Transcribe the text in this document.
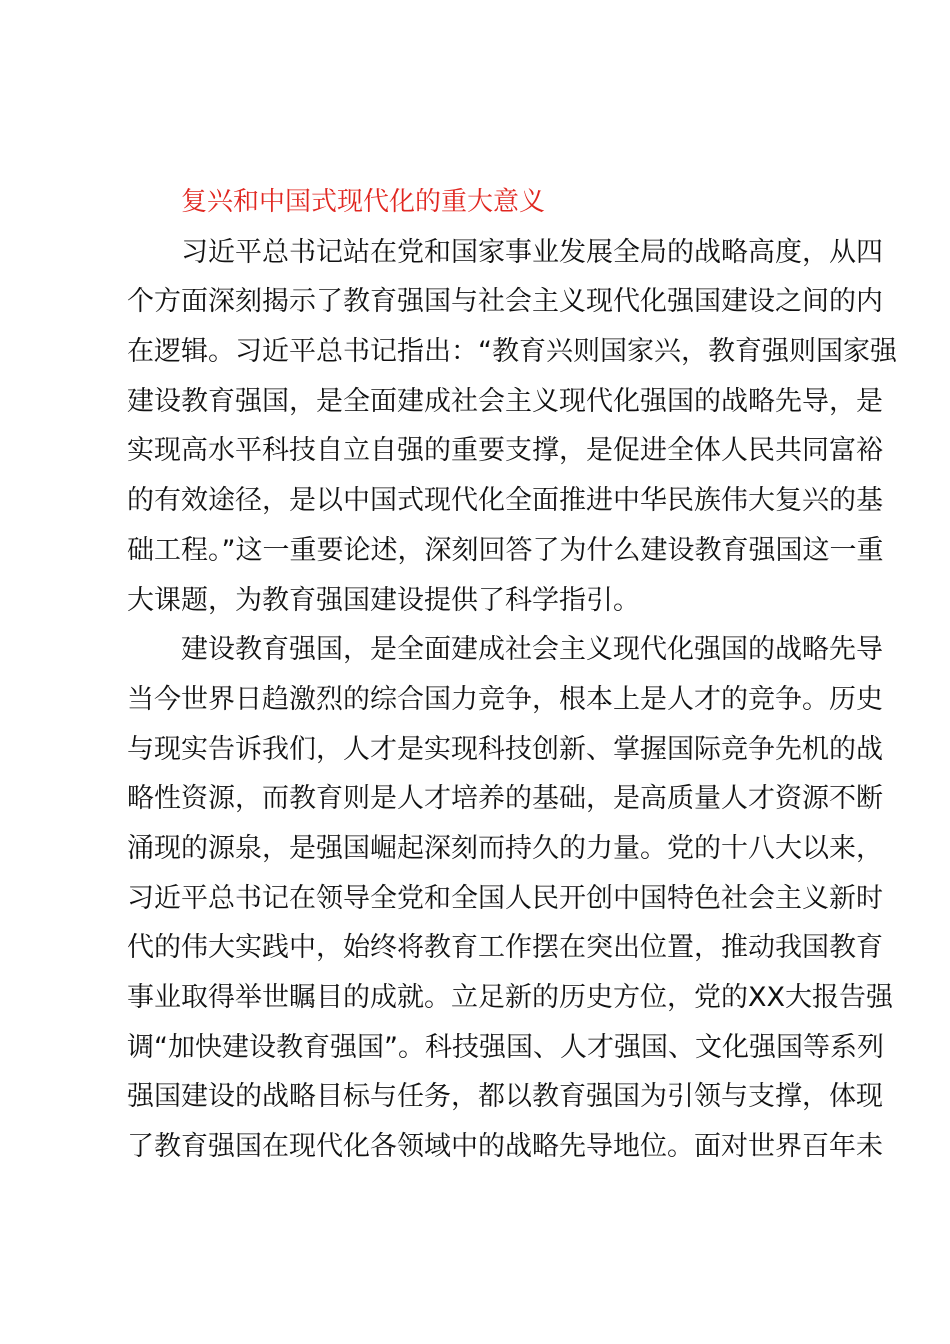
复兴和中国式现代化的重大意义
习近平总书记站在党和国家事业发展全局的战略高度，从四
个方面深刻揭示了教育强国与社会主义现代化强国建设之间的内
在逻辑。习近平总书记指出：“教育兴则国家兴，教育强则国家强
建设教育强国，是全面建成社会主义现代化强国的战略先导，是
实现高水平科技自立自强的重要支撑，是促进全体人民共同富裕
的有效途径，是以中国式现代化全面推进中华民族伟大复兴的基
础工程。”这一重要论述，深刻回答了为什么建设教育强国这一重
大课题，为教育强国建设提供了科学指引。
建设教育强国，是全面建成社会主义现代化强国的战略先导
当今世界日趋激烈的综合国力竞争，根本上是人才的竞争。历史
与现实告诉我们，人才是实现科技创新、掌握国际竞争先机的战
略性资源，而教育则是人才培养的基础，是高质量人才资源不断
涌现的源泉，是强国崛起深刻而持久的力量。党的十八大以来，
习近平总书记在领导全党和全国人民开创中国特色社会主义新时
代的伟大实践中，始终将教育工作摆在突出位置，推动我国教育
事业取得举世瞩目的成就。立足新的历史方位，党的XX大报告强
调“加快建设教育强国”。科技强国、人才强国、文化强国等系列
强国建设的战略目标与任务，都以教育强国为引领与支撑，体现
了教育强国在现代化各领域中的战略先导地位。面对世界百年未
